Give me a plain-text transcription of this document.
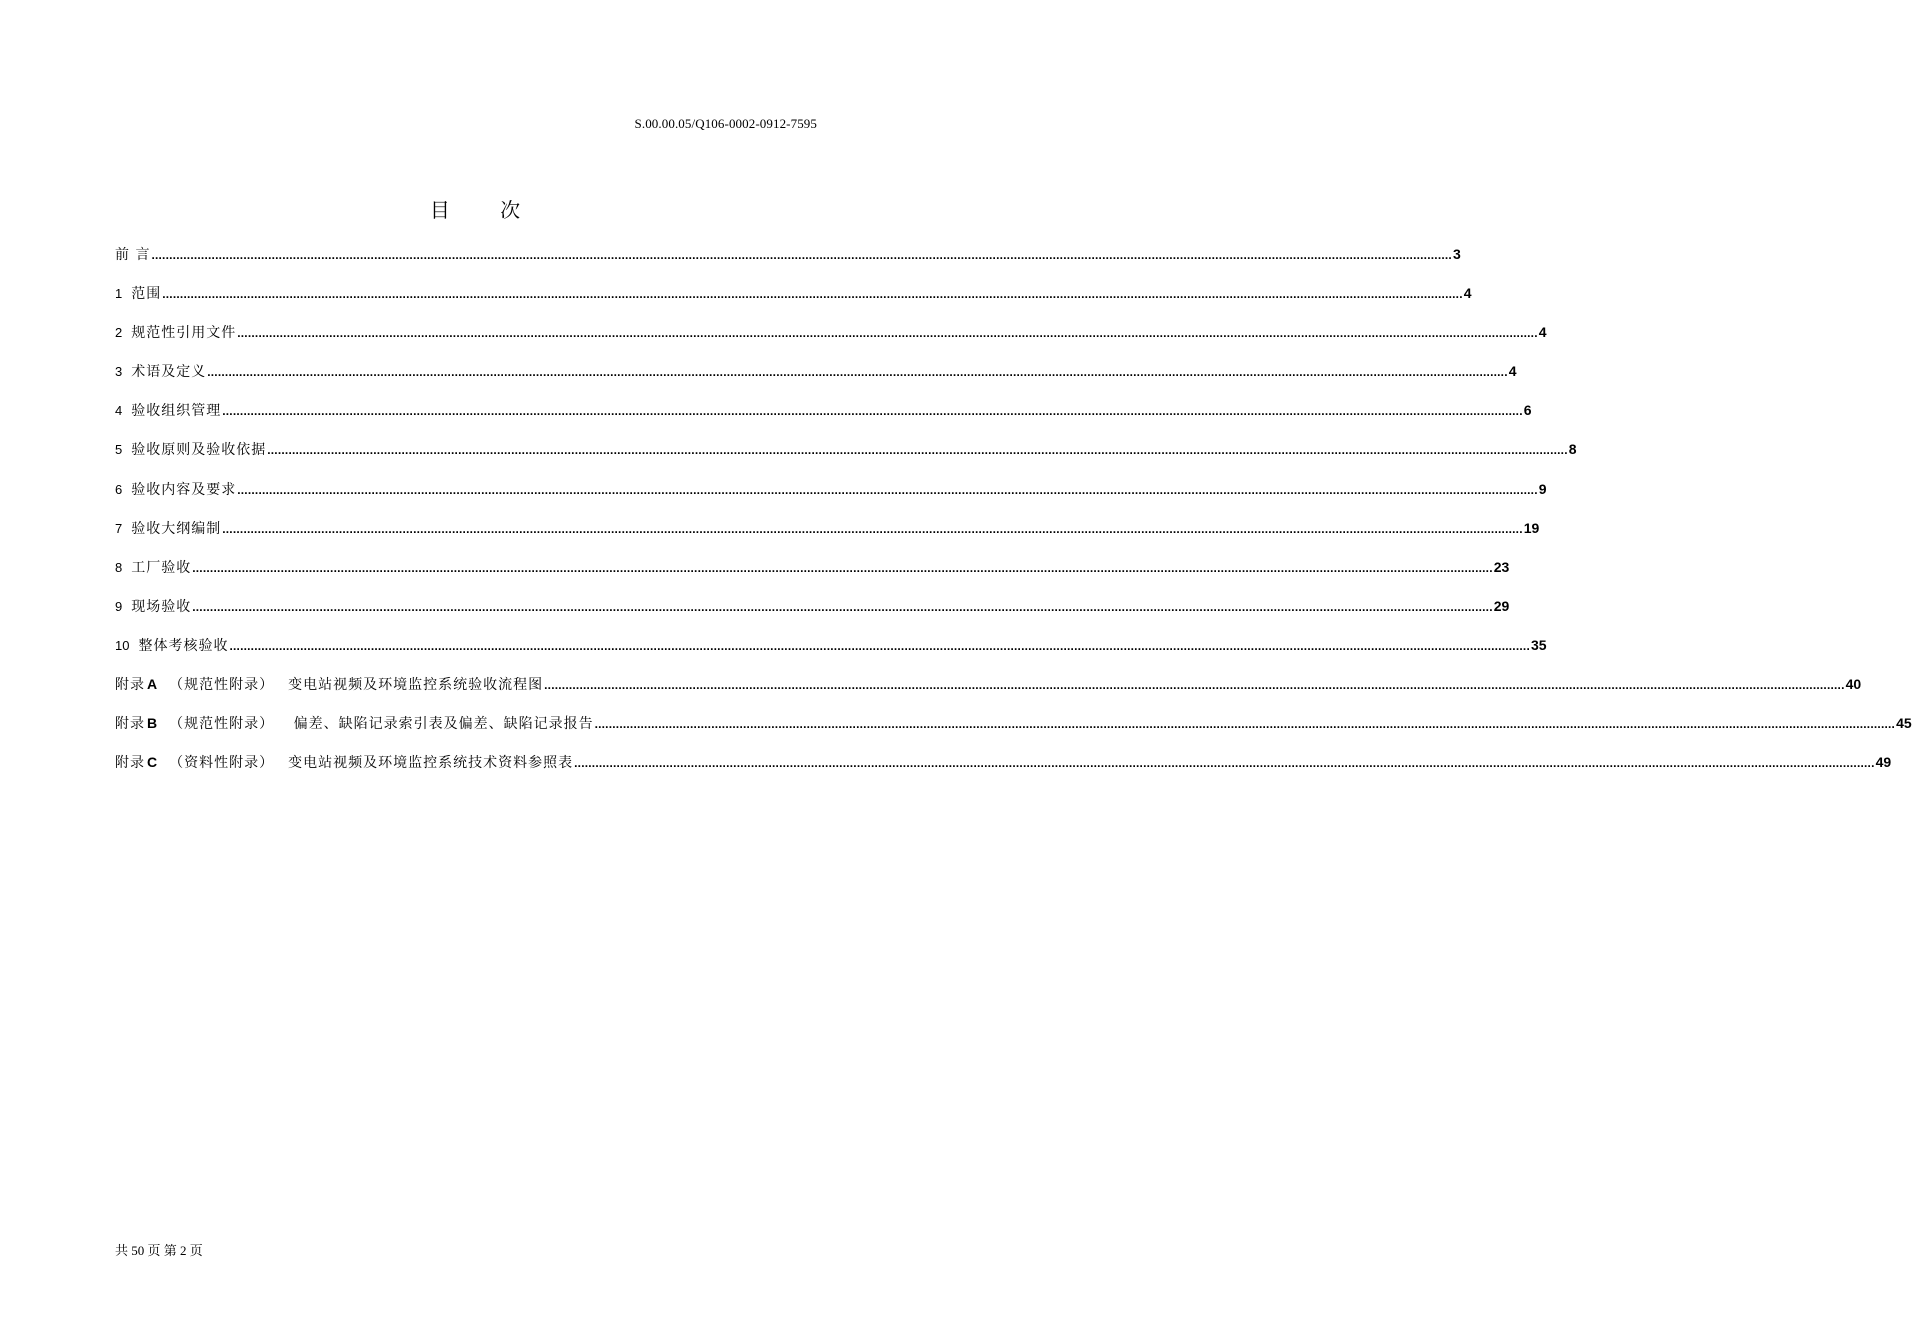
S.00.00.05/Q106-0002-0912-7595
目 次
前 言 ................................................................................................................................................................................................................................................................................................................................................................................ 3
1 范围 ................................................................................................................................................................................................................................................................................................................................................................................ 4
2 规范性引用文件 ................................................................................................................................................................................................................................................................................................................................................................................ 4
3 术语及定义 ................................................................................................................................................................................................................................................................................................................................................................................ 4
4 验收组织管理 ................................................................................................................................................................................................................................................................................................................................................................................ 6
5 验收原则及验收依据 ................................................................................................................................................................................................................................................................................................................................................................................ 8
6 验收内容及要求 ................................................................................................................................................................................................................................................................................................................................................................................ 9
7 验收大纲编制 ................................................................................................................................................................................................................................................................................................................................................................................ 19
8 工厂验收 ................................................................................................................................................................................................................................................................................................................................................................................ 23
9 现场验收 ................................................................................................................................................................................................................................................................................................................................................................................ 29
10 整体考核验收 ................................................................................................................................................................................................................................................................................................................................................................................ 35
附录 A （规范性附录） 变电站视频及环境监控系统验收流程图 ................................................................................................................................................................................................................................................................................................................................................................................ 40
附录 B （规范性附录） 偏差、缺陷记录索引表及偏差、缺陷记录报告 ................................................................................................................................................................................................................................................................................................................................................................................ 45
附录 C （资料性附录） 变电站视频及环境监控系统技术资料参照表 ................................................................................................................................................................................................................................................................................................................................................................................ 49
共 50 页 第 2 页
